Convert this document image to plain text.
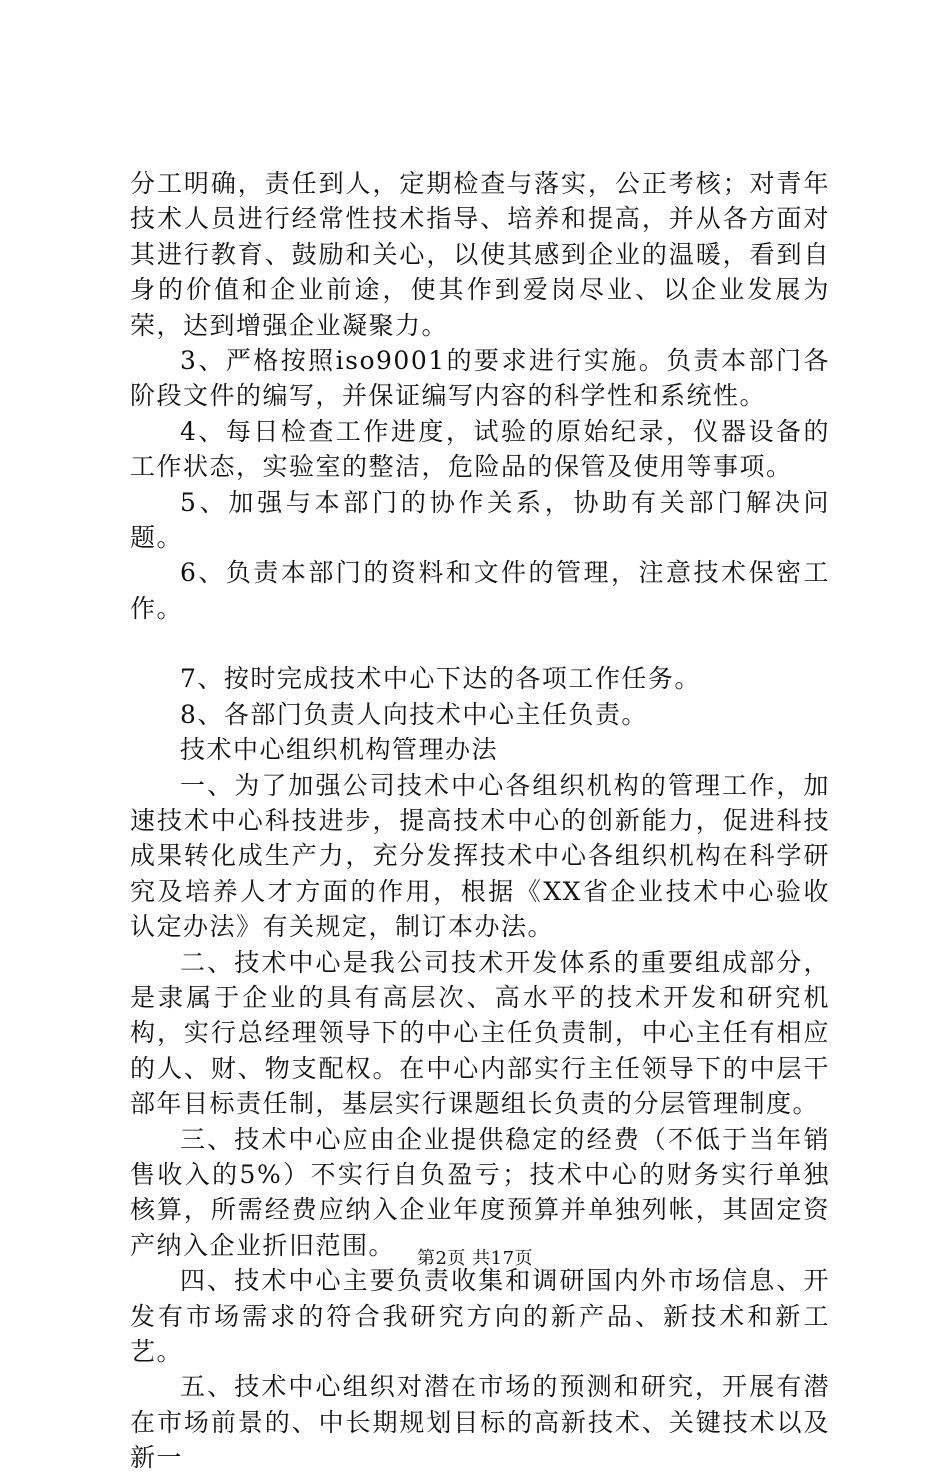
分工明确，责任到人，定期检查与落实，公正考核；对青年技术人员进行经常性技术指导、培养和提高，并从各方面对其进行教育、鼓励和关心，以使其感到企业的温暖，看到自身的价值和企业前途，使其作到爱岗尽业、以企业发展为荣，达到增强企业凝聚力。

3、严格按照iso9001的要求进行实施。负责本部门各阶段文件的编写，并保证编写内容的科学性和系统性。

4、每日检查工作进度，试验的原始纪录，仪器设备的工作状态，实验室的整洁，危险品的保管及使用等事项。

5、加强与本部门的协作关系，协助有关部门解决问题。

6、负责本部门的资料和文件的管理，注意技术保密工作。

7、按时完成技术中心下达的各项工作任务。

8、各部门负责人向技术中心主任负责。

技术中心组织机构管理办法

一、为了加强公司技术中心各组织机构的管理工作，加速技术中心科技进步，提高技术中心的创新能力，促进科技成果转化成生产力，充分发挥技术中心各组织机构在科学研究及培养人才方面的作用，根据《XX省企业技术中心验收认定办法》有关规定，制订本办法。

二、技术中心是我公司技术开发体系的重要组成部分，是隶属于企业的具有高层次、高水平的技术开发和研究机构，实行总经理领导下的中心主任负责制，中心主任有相应的人、财、物支配权。在中心内部实行主任领导下的中层干部年目标责任制，基层实行课题组长负责的分层管理制度。

三、技术中心应由企业提供稳定的经费（不低于当年销售收入的5%）不实行自负盈亏；技术中心的财务实行单独核算，所需经费应纳入企业年度预算并单独列帐，其固定资产纳入企业折旧范围。

四、技术中心主要负责收集和调研国内外市场信息、开发有市场需求的符合我研究方向的新产品、新技术和新工艺。

五、技术中心组织对潜在市场的预测和研究，开展有潜在市场前景的、中长期规划目标的高新技术、关键技术以及新一

第2页 共17页
